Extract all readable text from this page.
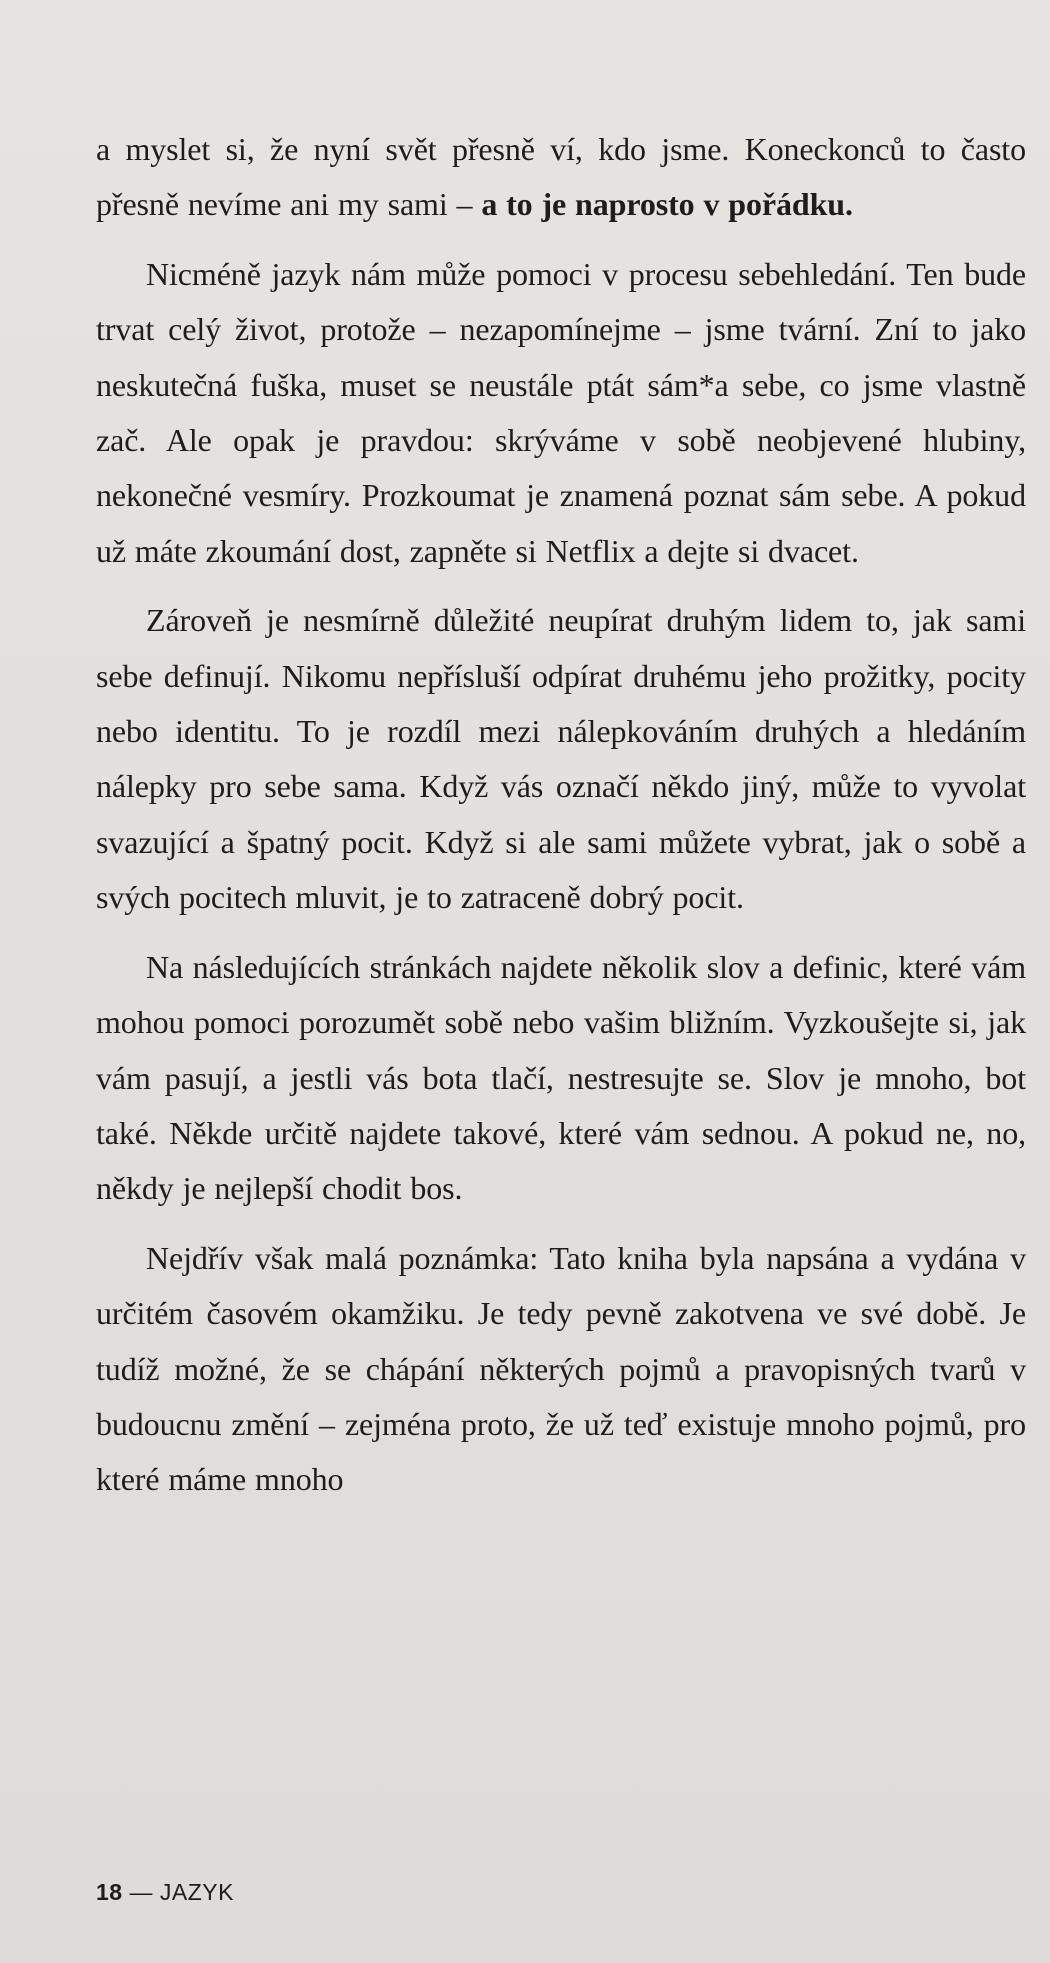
a myslet si, že nyní svět přesně ví, kdo jsme. Koneckonců to často přesně nevíme ani my sami – a to je naprosto v pořádku.

Nicméně jazyk nám může pomoci v procesu sebehledání. Ten bude trvat celý život, protože – nezapomínejme – jsme tvární. Zní to jako neskutečná fuška, muset se neustále ptát sám*a sebe, co jsme vlastně zač. Ale opak je pravdou: skrýváme v sobě neobjevené hlubiny, nekonečné vesmíry. Prozkoumat je znamená poznat sám sebe. A pokud už máte zkoumání dost, zapněte si Netflix a dejte si dvacet.

Zároveň je nesmírně důležité neupírat druhým lidem to, jak sami sebe definují. Nikomu nepřísluší odpírat druhému jeho prožitky, pocity nebo identitu. To je rozdíl mezi nálepkováním druhých a hledáním nálepky pro sebe sama. Když vás označí někdo jiný, může to vyvolat svazující a špatný pocit. Když si ale sami můžete vybrat, jak o sobě a svých pocitech mluvit, je to zatraceně dobrý pocit.

Na následujících stránkách najdete několik slov a definic, které vám mohou pomoci porozumět sobě nebo vašim bližním. Vyzkoušejte si, jak vám pasují, a jestli vás bota tlačí, nestresujte se. Slov je mnoho, bot také. Někde určitě najdete takové, které vám sednou. A pokud ne, no, někdy je nejlepší chodit bos.

Nejdřív však malá poznámka: Tato kniha byla napsána a vydána v určitém časovém okamžiku. Je tedy pevně zakotvena ve své době. Je tudíž možné, že se chápání některých pojmů a pravopisných tvarů v budoucnu změní – zejména proto, že už teď existuje mnoho pojmů, pro které máme mnoho

18 — JAZYK
